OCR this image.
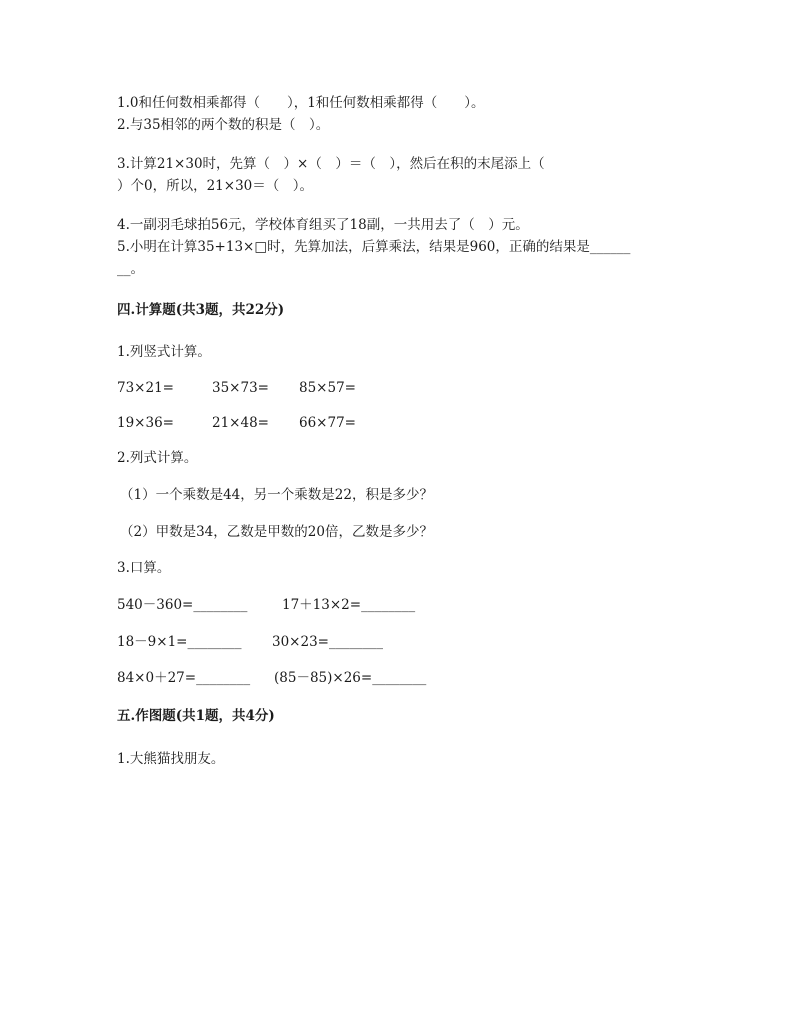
1.0和任何数相乘都得（　　），1和任何数相乘都得（　　）。
2.与35相邻的两个数的积是（　）。
3.计算21×30时，先算（　）×（　）＝（　），然后在积的末尾添上（
）个0，所以，21×30＝（　）。
4.一副羽毛球拍56元，学校体育组买了18副，一共用去了（　）元。
5.小明在计算35+13×□时，先算加法，后算乘法，结果是960，正确的结果是______
__。
四.计算题(共3题，共22分)
1.列竖式计算。
73×21=	35×73= 85×57=
19×36=	21×48= 66×77=
2.列式计算。
（1）一个乘数是44，另一个乘数是22，积是多少？
（2）甲数是34，乙数是甲数的20倍，乙数是多少？
3.口算。
540－360=________	17＋13×2=________
18－9×1=________ 30×23=________
84×0＋27=________ (85－85)×26=________
五.作图题(共1题，共4分)
1.大熊猫找朋友。
